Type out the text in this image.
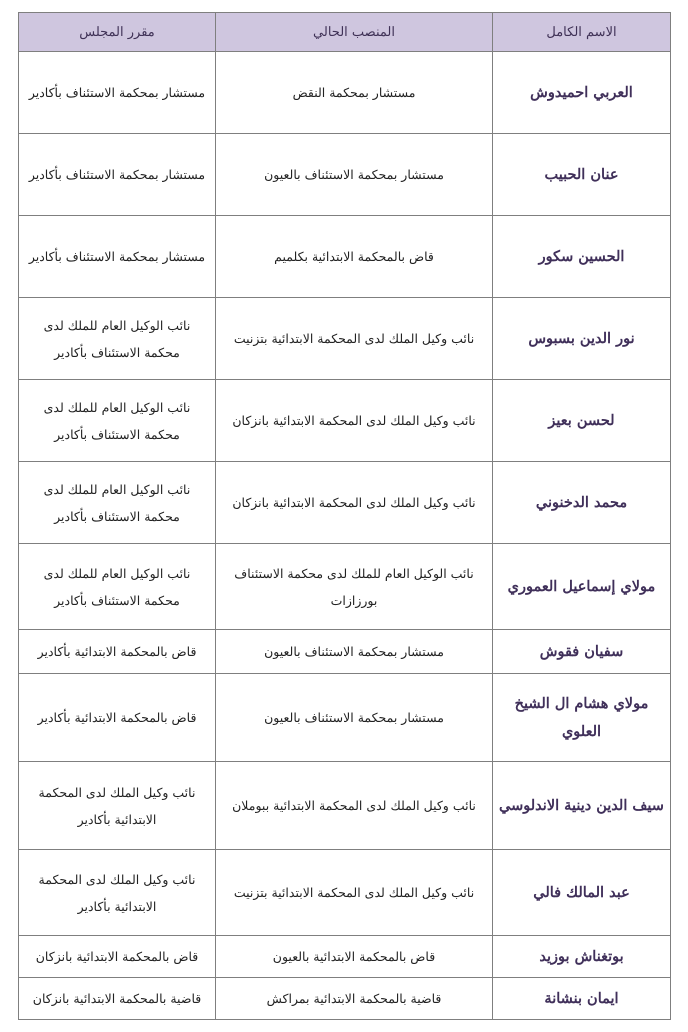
الاسم الكامل	المنصب الحالي	مقرر المجلس
العربي احميدوش	مستشار بمحكمة النقض	مستشار بمحكمة الاستئناف بأكادير
عنان الحبيب	مستشار بمحكمة الاستئناف بالعيون	مستشار بمحكمة الاستئناف بأكادير
الحسين سكور	قاض بالمحكمة الابتدائية بكلميم	مستشار بمحكمة الاستئناف بأكادير
نور الدين بسبوس	نائب وكيل الملك لدى المحكمة الابتدائية بتزنيت	نائب الوكيل العام للملك لدى محكمة الاستئناف بأكادير
لحسن بعيز	نائب وكيل الملك لدى المحكمة الابتدائية بانزكان	نائب الوكيل العام للملك لدى محكمة الاستئناف بأكادير
محمد الدخنوني	نائب وكيل الملك لدى المحكمة الابتدائية بانزكان	نائب الوكيل العام للملك لدى محكمة الاستئناف بأكادير
مولاي إسماعيل العموري	نائب الوكيل العام للملك لدى محكمة الاستئناف بورزازات	نائب الوكيل العام للملك لدى محكمة الاستئناف بأكادير
سفيان فقوش	مستشار بمحكمة الاستئناف بالعيون	قاض بالمحكمة الابتدائية بأكادير
مولاي هشام ال الشيخ العلوي	مستشار بمحكمة الاستئناف بالعيون	قاض بالمحكمة الابتدائية بأكادير
سيف الدين دينية الاندلوسي	نائب وكيل الملك لدى المحكمة الابتدائية ببوملان	نائب وكيل الملك لدى المحكمة الابتدائية بأكادير
عبد المالك فالي	نائب وكيل الملك لدى المحكمة الابتدائية بتزنيت	نائب وكيل الملك لدى المحكمة الابتدائية بأكادير
بوتغناش بوزيد	قاض بالمحكمة الابتدائية بالعيون	قاض بالمحكمة الابتدائية بانزكان
ايمان بنشانة	قاضية بالمحكمة الابتدائية بمراكش	قاضية بالمحكمة الابتدائية بانزكان
